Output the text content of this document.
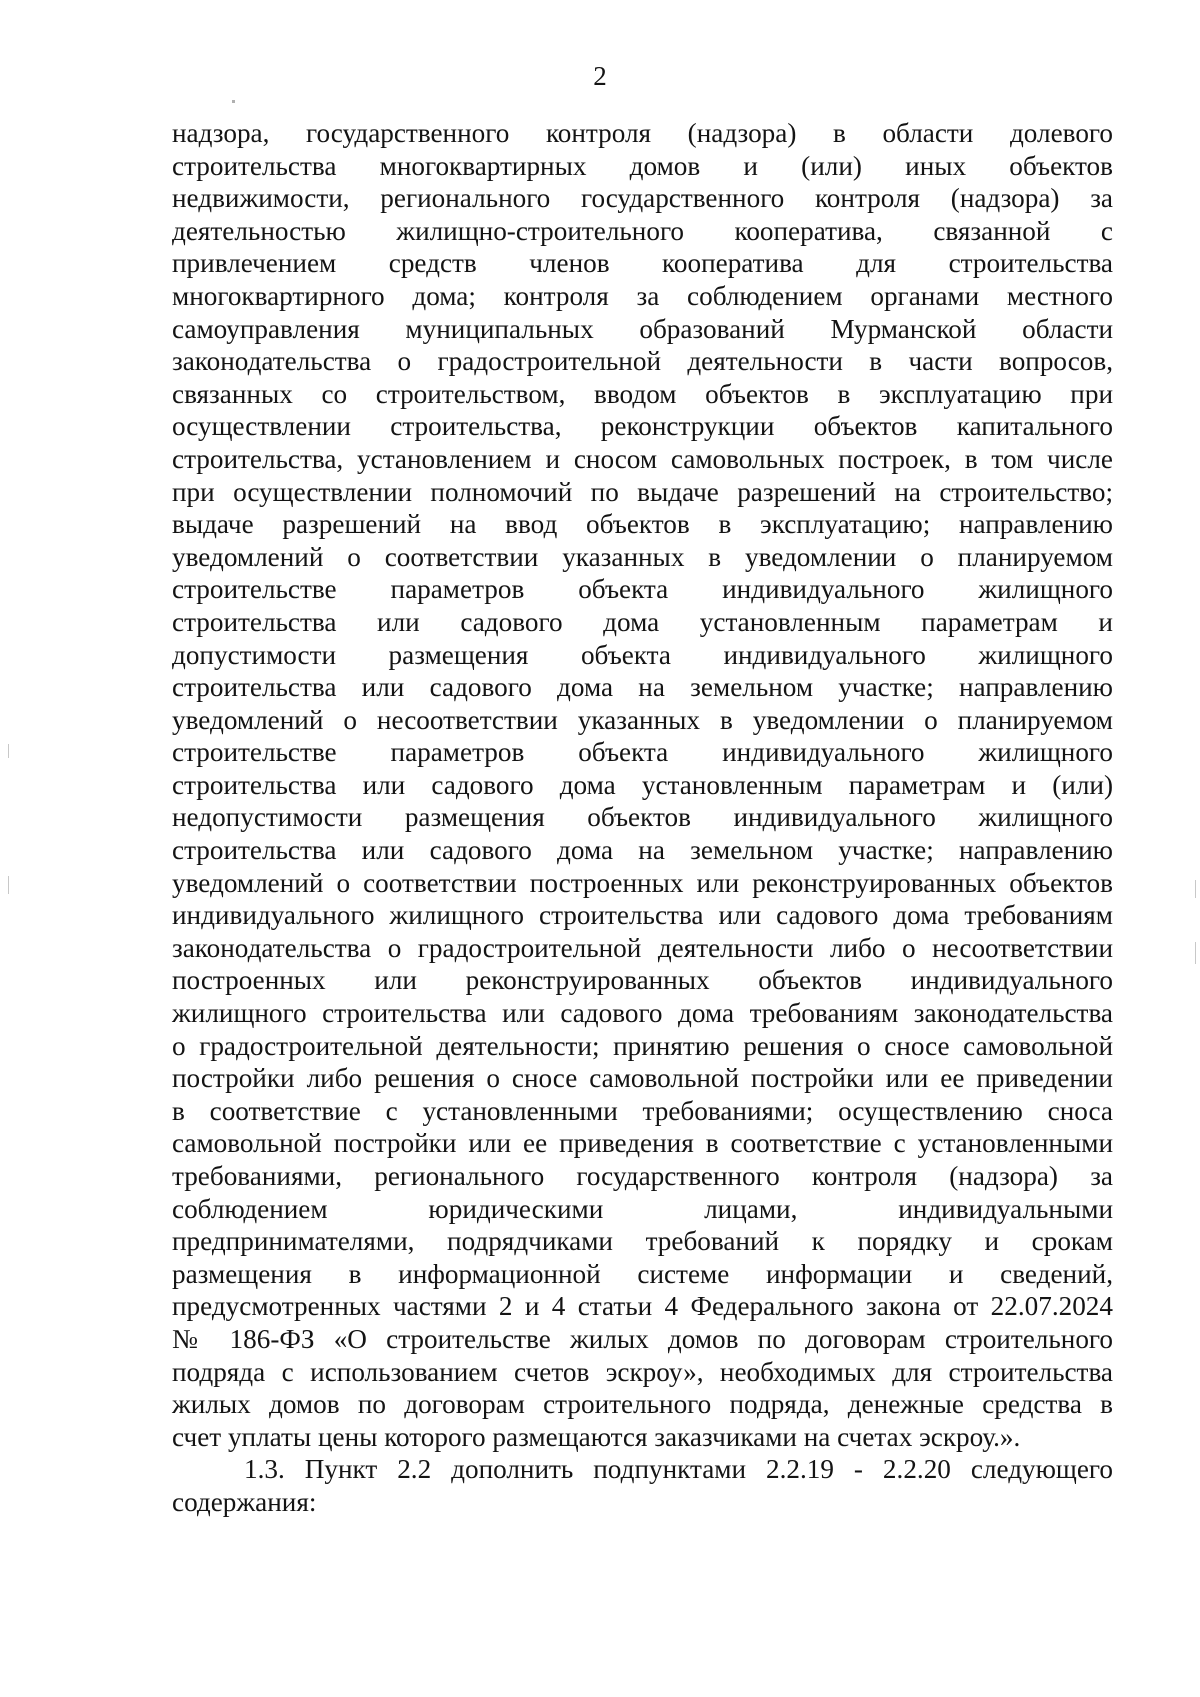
2
надзора, государственного контроля (надзора) в области долевого
строительства многоквартирных домов и (или) иных объектов
недвижимости, регионального государственного контроля (надзора) за
деятельностью жилищно-строительного кооператива, связанной с
привлечением средств членов кооператива для строительства
многоквартирного дома; контроля за соблюдением органами местного
самоуправления муниципальных образований Мурманской области
законодательства о градостроительной деятельности в части вопросов,
связанных со строительством, вводом объектов в эксплуатацию при
осуществлении строительства, реконструкции объектов капитального
строительства, установлением и сносом самовольных построек, в том числе
при осуществлении полномочий по выдаче разрешений на строительство;
выдаче разрешений на ввод объектов в эксплуатацию; направлению
уведомлений о соответствии указанных в уведомлении о планируемом
строительстве параметров объекта индивидуального жилищного
строительства или садового дома установленным параметрам и
допустимости размещения объекта индивидуального жилищного
строительства или садового дома на земельном участке; направлению
уведомлений о несоответствии указанных в уведомлении о планируемом
строительстве параметров объекта индивидуального жилищного
строительства или садового дома установленным параметрам и (или)
недопустимости размещения объектов индивидуального жилищного
строительства или садового дома на земельном участке; направлению
уведомлений о соответствии построенных или реконструированных объектов
индивидуального жилищного строительства или садового дома требованиям
законодательства о градостроительной деятельности либо о несоответствии
построенных или реконструированных объектов индивидуального
жилищного строительства или садового дома требованиям законодательства
о градостроительной деятельности; принятию решения о сносе самовольной
постройки либо решения о сносе самовольной постройки или ее приведении
в соответствие с установленными требованиями; осуществлению сноса
самовольной постройки или ее приведения в соответствие с установленными
требованиями, регионального государственного контроля (надзора) за
соблюдением юридическими лицами, индивидуальными
предпринимателями, подрядчиками требований к порядку и срокам
размещения в информационной системе информации и сведений,
предусмотренных частями 2 и 4 статьи 4 Федерального закона от 22.07.2024
№ 186-ФЗ «О строительстве жилых домов по договорам строительного
подряда с использованием счетов эскроу», необходимых для строительства
жилых домов по договорам строительного подряда, денежные средства в
счет уплаты цены которого размещаются заказчиками на счетах эскроу.».
1.3. Пункт 2.2 дополнить подпунктами 2.2.19 - 2.2.20 следующего
содержания:
